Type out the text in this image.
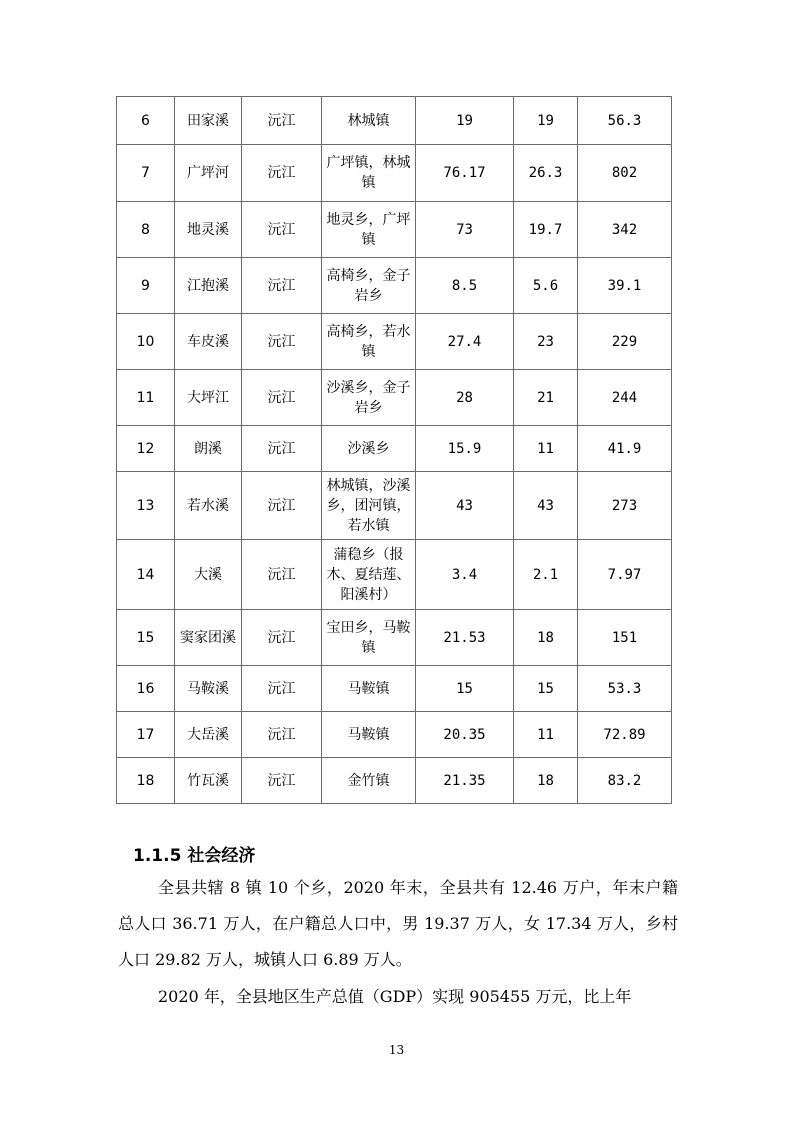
6	田家溪	沅江	林城镇	19	19	56.3
7	广坪河	沅江	广坪镇，林城镇	76.17	26.3	802
8	地灵溪	沅江	地灵乡，广坪镇	73	19.7	342
9	江抱溪	沅江	高椅乡，金子岩乡	8.5	5.6	39.1
10	车皮溪	沅江	高椅乡，若水镇	27.4	23	229
11	大坪江	沅江	沙溪乡，金子岩乡	28	21	244
12	朗溪	沅江	沙溪乡	15.9	11	41.9
13	若水溪	沅江	林城镇，沙溪乡，团河镇，若水镇	43	43	273
14	大溪	沅江	蒲稳乡（报木、夏结莲、阳溪村）	3.4	2.1	7.97
15	窦家团溪	沅江	宝田乡，马鞍镇	21.53	18	151
16	马鞍溪	沅江	马鞍镇	15	15	53.3
17	大岳溪	沅江	马鞍镇	20.35	11	72.89
18	竹瓦溪	沅江	金竹镇	21.35	18	83.2
1.1.5 社会经济

全县共辖 8 镇 10 个乡，2020 年末，全县共有 12.46 万户，年末户籍总人口 36.71 万人，在户籍总人口中，男 19.37 万人，女 17.34 万人，乡村人口 29.82 万人，城镇人口 6.89 万人。

2020 年，全县地区生产总值（GDP）实现 905455 万元，比上年

13
